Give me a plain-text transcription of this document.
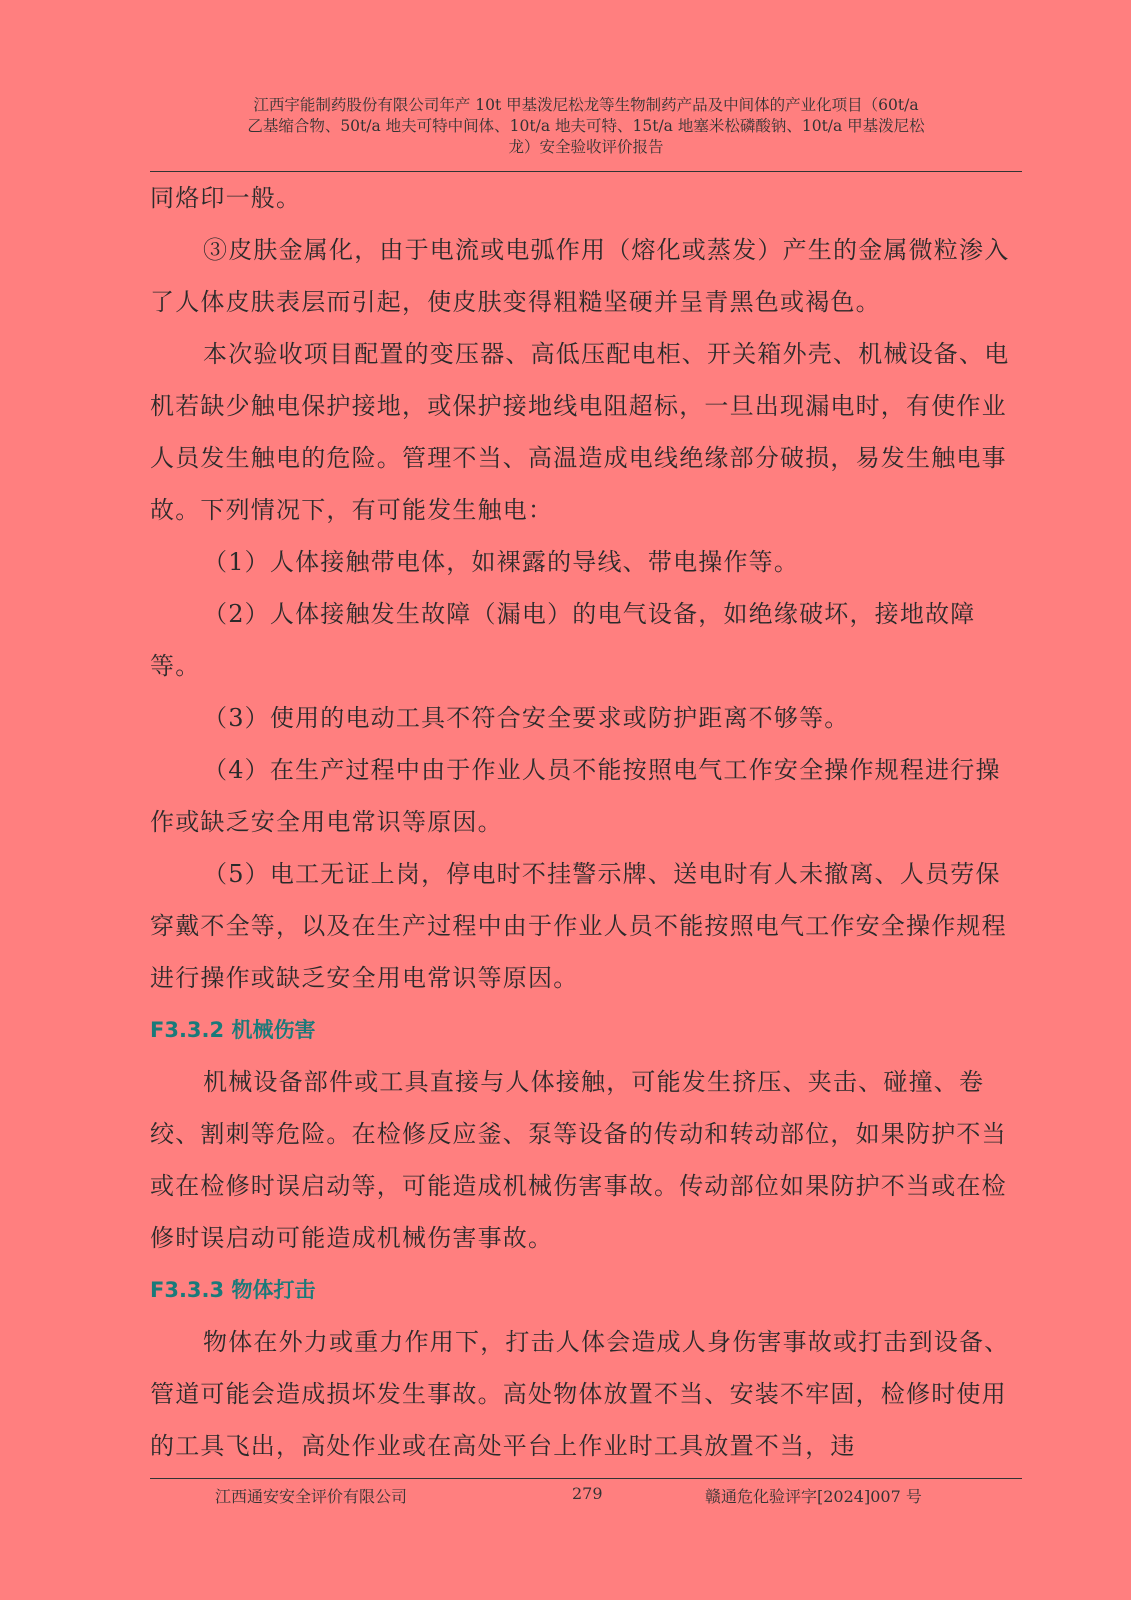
江西宇能制药股份有限公司年产 10t 甲基泼尼松龙等生物制药产品及中间体的产业化项目（60t/a
乙基缩合物、50t/a 地夫可特中间体、10t/a 地夫可特、15t/a 地塞米松磷酸钠、10t/a 甲基泼尼松
龙）安全验收评价报告

同烙印一般。

③皮肤金属化，由于电流或电弧作用（熔化或蒸发）产生的金属微粒渗入了人体皮肤表层而引起，使皮肤变得粗糙坚硬并呈青黑色或褐色。

本次验收项目配置的变压器、高低压配电柜、开关箱外壳、机械设备、电机若缺少触电保护接地，或保护接地线电阻超标，一旦出现漏电时，有使作业人员发生触电的危险。管理不当、高温造成电线绝缘部分破损，易发生触电事故。下列情况下，有可能发生触电：

（1）人体接触带电体，如裸露的导线、带电操作等。

（2）人体接触发生故障（漏电）的电气设备，如绝缘破坏，接地故障等。

（3）使用的电动工具不符合安全要求或防护距离不够等。

（4）在生产过程中由于作业人员不能按照电气工作安全操作规程进行操作或缺乏安全用电常识等原因。

（5）电工无证上岗，停电时不挂警示牌、送电时有人未撤离、人员劳保穿戴不全等，以及在生产过程中由于作业人员不能按照电气工作安全操作规程进行操作或缺乏安全用电常识等原因。

F3.3.2 机械伤害

机械设备部件或工具直接与人体接触，可能发生挤压、夹击、碰撞、卷绞、割刺等危险。在检修反应釜、泵等设备的传动和转动部位，如果防护不当或在检修时误启动等，可能造成机械伤害事故。传动部位如果防护不当或在检修时误启动可能造成机械伤害事故。

F3.3.3 物体打击

物体在外力或重力作用下，打击人体会造成人身伤害事故或打击到设备、管道可能会造成损坏发生事故。高处物体放置不当、安装不牢固，检修时使用的工具飞出，高处作业或在高处平台上作业时工具放置不当，违

江西通安安全评价有限公司	279	赣通危化验评字[2024]007 号
